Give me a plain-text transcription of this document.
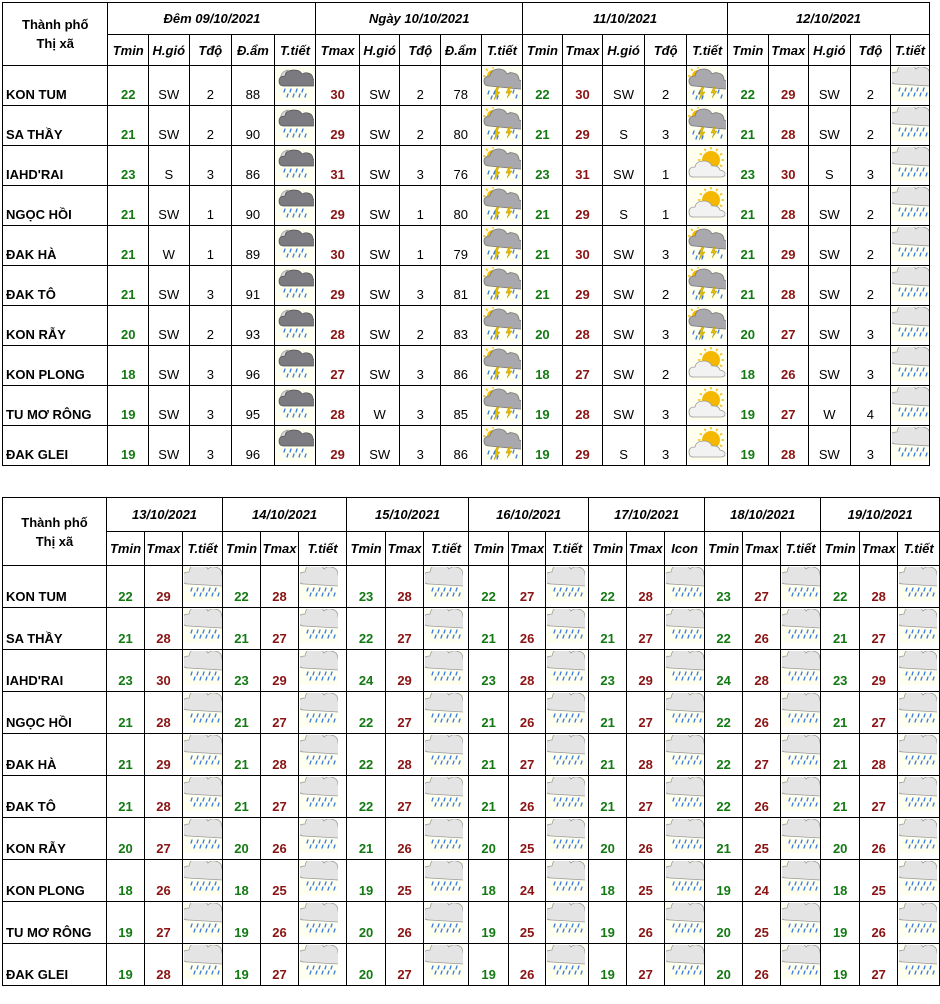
Thành phố
Thị xã	Đêm 09/10/2021					Ngày 10/10/2021					11/10/2021					12/10/2021				
	Tmin	H.gió	Tđộ	Đ.ẩm	T.tiết	Tmax	H.gió	Tđộ	Đ.ẩm	T.tiết	Tmin	Tmax	H.gió	Tđộ	T.tiết	Tmin	Tmax	H.gió	Tđộ	T.tiết
KON TUM	22	SW	2	88		30	SW	2	78		22	30	SW	2		22	29	SW	2	

SA THẦY	21	SW	2	90		29	SW	2	80		21	29	S	3		21	28	SW	2	

IAHD'RAI	23	S	3	86		31	SW	3	76		23	31	SW	1		23	30	S	3	

NGỌC HỒI	21	SW	1	90		29	SW	1	80		21	29	S	1		21	28	SW	2	

ĐAK HÀ	21	W	1	89		30	SW	1	79		21	30	SW	3		21	29	SW	2	

ĐAK TÔ	21	SW	3	91		29	SW	3	81		21	29	SW	2		21	28	SW	2	

KON RẪY	20	SW	2	93		28	SW	2	83		20	28	SW	3		20	27	SW	3	

KON PLONG	18	SW	3	96		27	SW	3	86		18	27	SW	2		18	26	SW	3	

TU MƠ RÔNG	19	SW	3	95		28	W	3	85		19	28	SW	3		19	27	W	4	

ĐAK GLEI	19	SW	3	96		29	SW	3	86		19	29	S	3		19	28	SW	3	
Thành phố
Thị xã	13/10/2021			14/10/2021			15/10/2021			16/10/2021			17/10/2021			18/10/2021			19/10/2021		
	Tmin	Tmax	T.tiết	Tmin	Tmax	T.tiết	Tmin	Tmax	T.tiết	Tmin	Tmax	T.tiết	Tmin	Tmax	Icon	Tmin	Tmax	T.tiết	Tmin	Tmax	T.tiết
KON TUM	22	29		22	28		23	28		22	27		22	28		23	27		22	28	

SA THẦY	21	28		21	27		22	27		21	26		21	27		22	26		21	27	

IAHD'RAI	23	30		23	29		24	29		23	28		23	29		24	28		23	29	

NGỌC HỒI	21	28		21	27		22	27		21	26		21	27		22	26		21	27	

ĐAK HÀ	21	29		21	28		22	28		21	27		21	28		22	27		21	28	

ĐAK TÔ	21	28		21	27		22	27		21	26		21	27		22	26		21	27	

KON RẪY	20	27		20	26		21	26		20	25		20	26		21	25		20	26	

KON PLONG	18	26		18	25		19	25		18	24		18	25		19	24		18	25	

TU MƠ RÔNG	19	27		19	26		20	26		19	25		19	26		20	25		19	26	

ĐAK GLEI	19	28		19	27		20	27		19	26		19	27		20	26		19	27	
